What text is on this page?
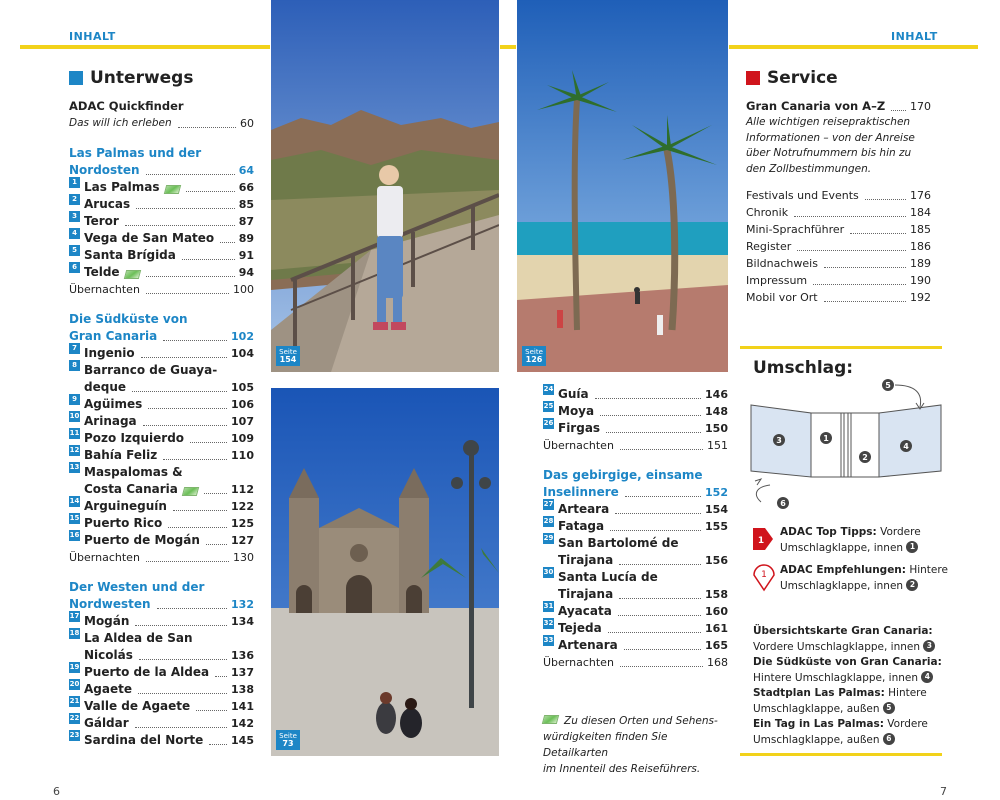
INHALT	INHALT
Unterwegs
ADAC Quickfinder
Das will ich erleben	60
Las Palmas und der
Nordosten	64
1 Las Palmas	66
2 Arucas	85
3 Teror	87
4 Vega de San Mateo 89
5 Santa Brígida	91
6 Telde	94
Übernachten	100
Die Südküste von
Gran Canaria	102
7 Ingenio	104
8 Barranco de Guaya-
deque	105
9 Agüimes	106
10 Arinaga	107
11 Pozo Izquierdo	109
12 Bahía Feliz	110
13 Maspalomas &
Costa Canaria	112
14 Arguineguín	122
15 Puerto Rico	125
16 Puerto de Mogán	127
Übernachten	130
Der Westen und der
Nordwesten	132
17 Mogán	134
18 La Aldea de San
Nicolás	136
19 Puerto de la Aldea 137
20 Agaete	138
21 Valle de Agaete	141
22 Gáldar	142
23 Sardina del Norte	145
Seite
154
Seite
126
Seite
73
24 Guía	146
25 Moya	148
26 Firgas	150
Übernachten	151
Das gebirgige, einsame
Inselinnere	152
27 Arteara	154
28 Fataga	155
29 San Bartolomé de
Tirajana	156
30 Santa Lucía de
Tirajana	158
31 Ayacata	160
32 Tejeda	161
33 Artenara	165
Übernachten	168
Zu diesen Orten und Sehens-
würdigkeiten finden Sie Detailkarten
im Innenteil des Reiseführers.
Service
Gran Canaria von A–Z 170
Alle wichtigen reisepraktischen
Informationen – von der Anreise
über Notrufnummern bis hin zu
den Zollbestimmungen.
Festivals und Events	176
Chronik	184
Mini-Sprachführer	185
Register	186
Bildnachweis	189
Impressum	190
Mobil vor Ort	192
Umschlag:
3	1
2
4
5
6
1
ADAC Top Tipps: Vordere
Umschlagklappe, innen 1
1 ADAC Empfehlungen: Hintere
Umschlagklappe, innen 2
Übersichtskarte Gran Canaria:
Vordere Umschlagklappe, innen 3
Die Südküste von Gran Canaria:
Hintere Umschlagklappe, innen 4
Stadtplan Las Palmas: Hintere
Umschlagklappe, außen 5
Ein Tag in Las Palmas: Vordere
Umschlagklappe, außen 6
6	7
